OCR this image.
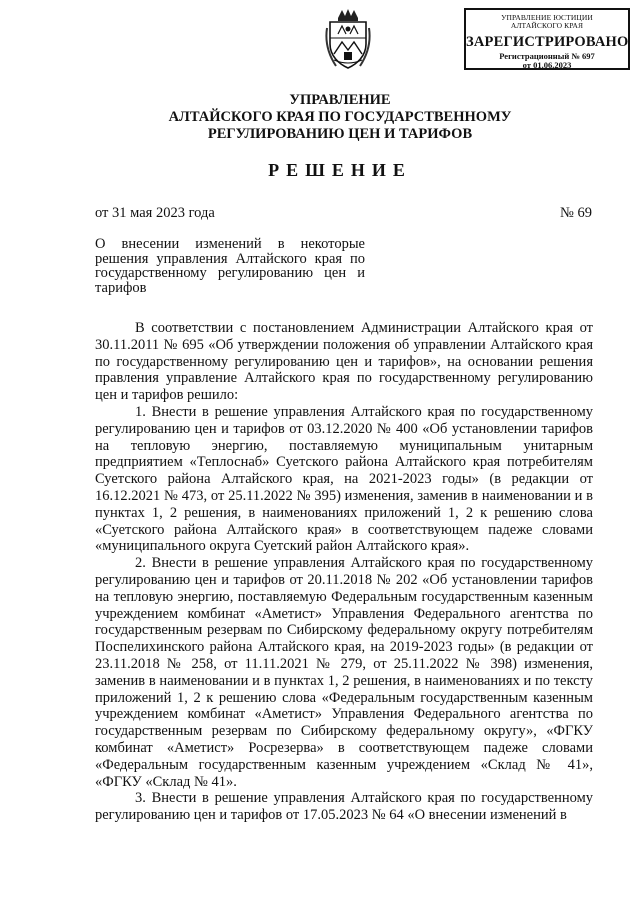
УПРАВЛЕНИЕ ЮСТИЦИИ
АЛТАЙСКОГО КРАЯ
ЗАРЕГИСТРИРОВАНО
Регистрационный № 697
от 01.06.2023
УПРАВЛЕНИЕ
АЛТАЙСКОГО КРАЯ ПО ГОСУДАРСТВЕННОМУ
РЕГУЛИРОВАНИЮ ЦЕН И ТАРИФОВ
РЕШЕНИЕ
от 31 мая 2023 года	№ 69
О внесении изменений в некоторые решения управления Алтайского края по государственному регулированию цен и тарифов

В соответствии с постановлением Администрации Алтайского края от 30.11.2011 № 695 «Об утверждении положения об управлении Алтайского края по государственному регулированию цен и тарифов», на основании решения правления управление Алтайского края по государственному регулированию цен и тарифов решило:

1. Внести в решение управления Алтайского края по государственному регулированию цен и тарифов от 03.12.2020 № 400 «Об установлении тарифов на тепловую энергию, поставляемую муниципальным унитарным предприятием «Теплоснаб» Суетского района Алтайского края потребителям Суетского района Алтайского края, на 2021-2023 годы» (в редакции от 16.12.2021 № 473, от 25.11.2022 № 395) изменения, заменив в наименовании и в пунктах 1, 2 решения, в наименованиях приложений 1, 2 к решению слова «Суетского района Алтайского края» в соответствующем падеже словами «муниципального округа Суетский район Алтайского края».

2. Внести в решение управления Алтайского края по государственному регулированию цен и тарифов от 20.11.2018 № 202 «Об установлении тарифов на тепловую энергию, поставляемую Федеральным государственным казенным учреждением комбинат «Аметист» Управления Федерального агентства по государственным резервам по Сибирскому федеральному округу потребителям Поспелихинского района Алтайского края, на 2019-2023 годы» (в редакции от 23.11.2018 № 258, от 11.11.2021 № 279, от 25.11.2022 № 398) изменения, заменив в наименовании и в пунктах 1, 2 решения, в наименованиях и по тексту приложений 1, 2 к решению слова «Федеральным государственным казенным учреждением комбинат «Аметист» Управления Федерального агентства по государственным резервам по Сибирскому федеральному округу», «ФГКУ комбинат «Аметист» Росрезерва» в соответствующем падеже словами «Федеральным государственным казенным учреждением «Склад № 41», «ФГКУ «Склад № 41».

3. Внести в решение управления Алтайского края по государственному регулированию цен и тарифов от 17.05.2023 № 64 «О внесении изменений в
